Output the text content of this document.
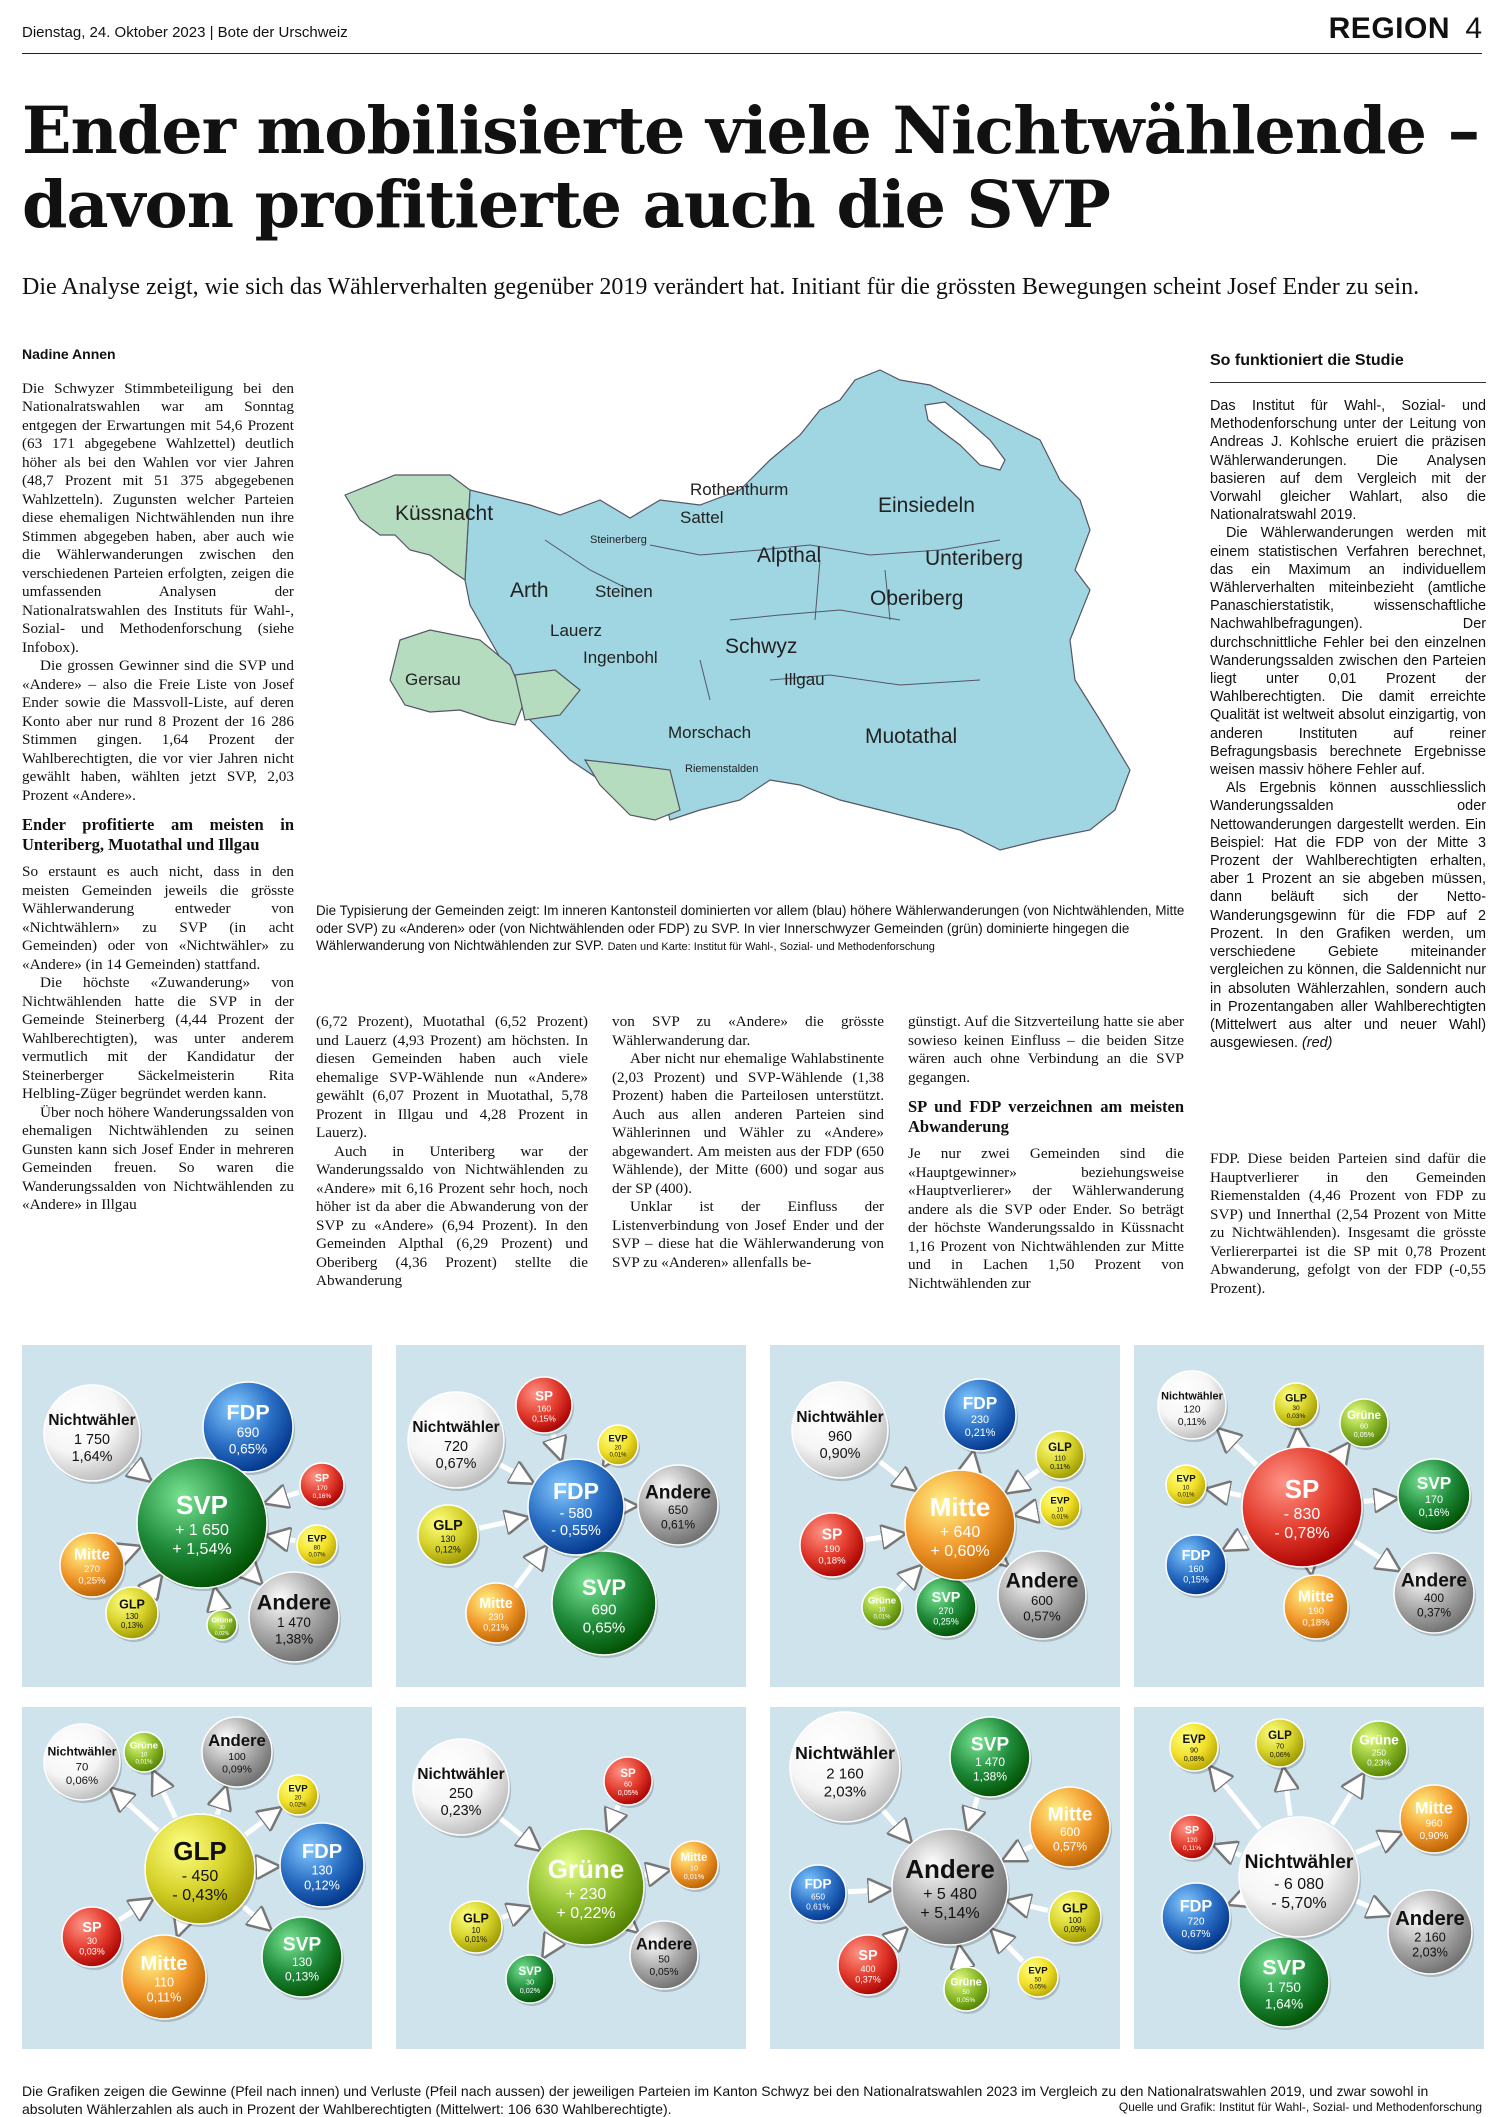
Dienstag, 24. Oktober 2023 | Bote der Urschweiz	REGION 4
Ender mobilisierte viele Nichtwählende –
davon profitierte auch die SVP
Die Analyse zeigt, wie sich das Wählerverhalten gegenüber 2019 verändert hat. Initiant für die grössten Bewegungen scheint Josef Ender zu sein.
Nadine Annen

Die Schwyzer Stimmbeteiligung bei den Nationalratswahlen war am Sonntag entgegen der Erwartungen mit 54,6 Prozent (63 171 abgegebene Wahlzettel) deutlich höher als bei den Wahlen vor vier Jahren (48,7 Prozent mit 51 375 abgegebenen Wahlzetteln). Zugunsten welcher Parteien diese ehemaligen Nichtwählenden nun ihre Stimmen abgegeben haben, aber auch wie die Wählerwanderungen zwischen den verschiedenen Parteien erfolgten, zeigen die umfassenden Analysen der Nationalratswahlen des Instituts für Wahl-, Sozial- und Methodenforschung (siehe Infobox).

Die grossen Gewinner sind die SVP und «Andere» – also die Freie Liste von Josef Ender sowie die Massvoll-Liste, auf deren Konto aber nur rund 8 Prozent der 16 286 Stimmen gingen. 1,64 Prozent der Wahlberechtigten, die vor vier Jahren nicht gewählt haben, wählten jetzt SVP, 2,03 Prozent «Andere».

Ender profitierte am meisten in Unteriberg, Muotathal und Illgau

So erstaunt es auch nicht, dass in den meisten Gemeinden jeweils die grösste Wählerwanderung entweder von «Nichtwählern» zu SVP (in acht Gemeinden) oder von «Nichtwähler» zu «Andere» (in 14 Gemeinden) stattfand.

Die höchste «Zuwanderung» von Nichtwählenden hatte die SVP in der Gemeinde Steinerberg (4,44 Prozent der Wahlberechtigten), was unter anderem vermutlich mit der Kandidatur der Steinerberger Säckelmeisterin Rita Helbling-Züger begründet werden kann.

Über noch höhere Wanderungssalden von ehemaligen Nichtwählenden zu seinen Gunsten kann sich Josef Ender in mehreren Gemeinden freuen. So waren die Wanderungssalden von Nichtwählenden zu «Andere» in Illgau

Küssnacht
Rothenthurm
Sattel
Einsiedeln
Steinerberg
Alpthal	Unteriberg
Arth	Steinen	Oberiberg
Lauerz
Ingenbohl	Schwyz
Gersau	Illgau
Morschach
Riemenstalden
Muotathal
Die Typisierung der Gemeinden zeigt: Im inneren Kantonsteil dominierten vor allem (blau) höhere Wählerwanderungen (von Nichtwählenden, Mitte oder SVP) zu «Anderen» oder (von Nichtwählenden oder FDP) zu SVP. In vier Innerschwyzer Gemeinden (grün) dominierte hingegen die Wählerwanderung von Nichtwählenden zur SVP. Daten und Karte: Institut für Wahl-, Sozial- und Methodenforschung

(6,72 Prozent), Muotathal (6,52 Prozent) und Lauerz (4,93 Prozent) am höchsten. In diesen Gemeinden haben auch viele ehemalige SVP-Wählende nun «Andere» gewählt (6,07 Prozent in Muotathal, 5,78 Prozent in Illgau und 4,28 Prozent in Lauerz).

Auch in Unteriberg war der Wanderungssaldo von Nichtwählenden zu «Andere» mit 6,16 Prozent sehr hoch, noch höher ist da aber die Abwanderung von der SVP zu «Andere» (6,94 Prozent). In den Gemeinden Alpthal (6,29 Prozent) und Oberiberg (4,36 Prozent) stellte die Abwanderung

von SVP zu «Andere» die grösste Wählerwanderung dar.

Aber nicht nur ehemalige Wahlabstinente (2,03 Prozent) und SVP-Wählende (1,38 Prozent) haben die Parteilosen unterstützt. Auch aus allen anderen Parteien sind Wählerinnen und Wähler zu «Andere» abgewandert. Am meisten aus der FDP (650 Wählende), der Mitte (600) und sogar aus der SP (400).

Unklar ist der Einfluss der Listenverbindung von Josef Ender und der SVP – diese hat die Wählerwanderung von SVP zu «Anderen» allenfalls be-

günstigt. Auf die Sitzverteilung hatte sie aber sowieso keinen Einfluss – die beiden Sitze wären auch ohne Verbindung an die SVP gegangen.

SP und FDP verzeichnen am meisten Abwanderung

Je nur zwei Gemeinden sind die «Hauptgewinner» beziehungsweise «Hauptverlierer» der Wählerwanderung andere als die SVP oder Ender. So beträgt der höchste Wanderungssaldo in Küssnacht 1,16 Prozent von Nichtwählenden zur Mitte und in Lachen 1,50 Prozent von Nichtwählenden zur

FDP. Diese beiden Parteien sind dafür die Hauptverlierer in den Gemeinden Riemenstalden (4,46 Prozent von FDP zu SVP) und Innerthal (2,54 Prozent von Mitte zu Nichtwählenden). Insgesamt die grösste Verliererpartei ist die SP mit 0,78 Prozent Abwanderung, gefolgt von der FDP (-0,55 Prozent).

So funktioniert die Studie

Das Institut für Wahl-, Sozial- und Methodenforschung unter der Leitung von Andreas J. Kohlsche eruiert die präzisen Wählerwanderungen. Die Analysen basieren auf dem Vergleich mit der Vorwahl gleicher Wahlart, also die Nationalratswahl 2019.

Die Wählerwanderungen werden mit einem statistischen Verfahren berechnet, das ein Maximum an individuellem Wählerverhalten miteinbezieht (amtliche Panaschierstatistik, wissenschaftliche Nachwahlbefragungen). Der durchschnittliche Fehler bei den einzelnen Wanderungssalden zwischen den Parteien liegt unter 0,01 Prozent der Wahlberechtigten. Die damit erreichte Qualität ist weltweit absolut einzigartig, von anderen Instituten auf reiner Befragungsbasis berechnete Ergebnisse weisen massiv höhere Fehler auf.

Als Ergebnis können ausschliesslich Wanderungssalden oder Nettowanderungen dargestellt werden. Ein Beispiel: Hat die FDP von der Mitte 3 Prozent der Wahlberechtigten erhalten, aber 1 Prozent an sie abgeben müssen, dann beläuft sich der Netto-Wanderungsgewinn für die FDP auf 2 Prozent. In den Grafiken werden, um verschiedene Gebiete miteinander vergleichen zu können, die Saldennicht nur in absoluten Wählerzahlen, sondern auch in Prozentangaben aller Wahlberechtigten (Mittelwert aus alter und neuer Wahl) ausgewiesen. (red)

Nichtwähler
1 750
1,64%
FDP
690
0,65%
SP
170
0,16%
EVP
80
0,07%
Andere
1 470
1,38%
Grüne
30
0,02%
GLP
130
0,13%
Mitte
270
0,25%
SVP
+ 1 650
+ 1,54%
Nichtwähler
720
0,67%
SP
160
0,15%
EVP
20
0,01%
Andere
650
0,61%
SVP
690
0,65%
Mitte
230
0,21%
GLP
130
0,12%
FDP
- 580
- 0,55%
Nichtwähler
960
0,90%
FDP
230
0,21%
GLP
110
0,11%
EVP
10
0,01%
Andere
600
0,57%
SVP
270
0,25%
Grüne
10
0,01%
SP
190
0,18%
Mitte
+ 640
+ 0,60%
Nichtwähler
120
0,11%
GLP
30
0,03%	Grüne
60
0,05%
SVP
170
0,16%
Andere
400
0,37%
Mitte
190
0,18%
FDP
160
0,15%
EVP
10
0,01%	SP
- 830
- 0,78%
Nichtwähler
70
0,06%
Grüne
10
0,01%
Andere
100
0,09%
EVP
20
0,02%
FDP
130
0,12%
SVP
130
0,13%
Mitte
110
0,11%
SP
30
0,03%
GLP
- 450
- 0,43%
Nichtwähler
250
0,23%
SP
60
0,05%
Mitte
10
0,01%
Andere
50
0,05%
SVP
30
0,02%
GLP
10
0,01%
Grüne
+ 230
+ 0,22%
Nichtwähler
2 160
2,03%
SVP
1 470
1,38%
Mitte
600
0,57%
GLP
100
0,09%
EVP
50
0,05%
Grüne
50
0,05%
SP
400
0,37%
FDP
650
0,61%
Andere
+ 5 480
+ 5,14%
EVP
90
0,08%
GLP
70
0,06%
Grüne
250
0,23%
Mitte
960
0,90%
Andere
2 160
2,03%
SVP
1 750
1,64%
FDP
720
0,67%
SP
120
0,11%
Nichtwähler
- 6 080
- 5,70%
Die Grafiken zeigen die Gewinne (Pfeil nach innen) und Verluste (Pfeil nach aussen) der jeweiligen Parteien im Kanton Schwyz bei den Nationalratswahlen 2023 im Vergleich zu den Nationalratswahlen 2019, und zwar sowohl in absoluten Wählerzahlen als auch in Prozent der Wahlberechtigten (Mittelwert: 106 630 Wahlberechtigte).	Quelle und Grafik: Institut für Wahl-, Sozial- und Methodenforschung
